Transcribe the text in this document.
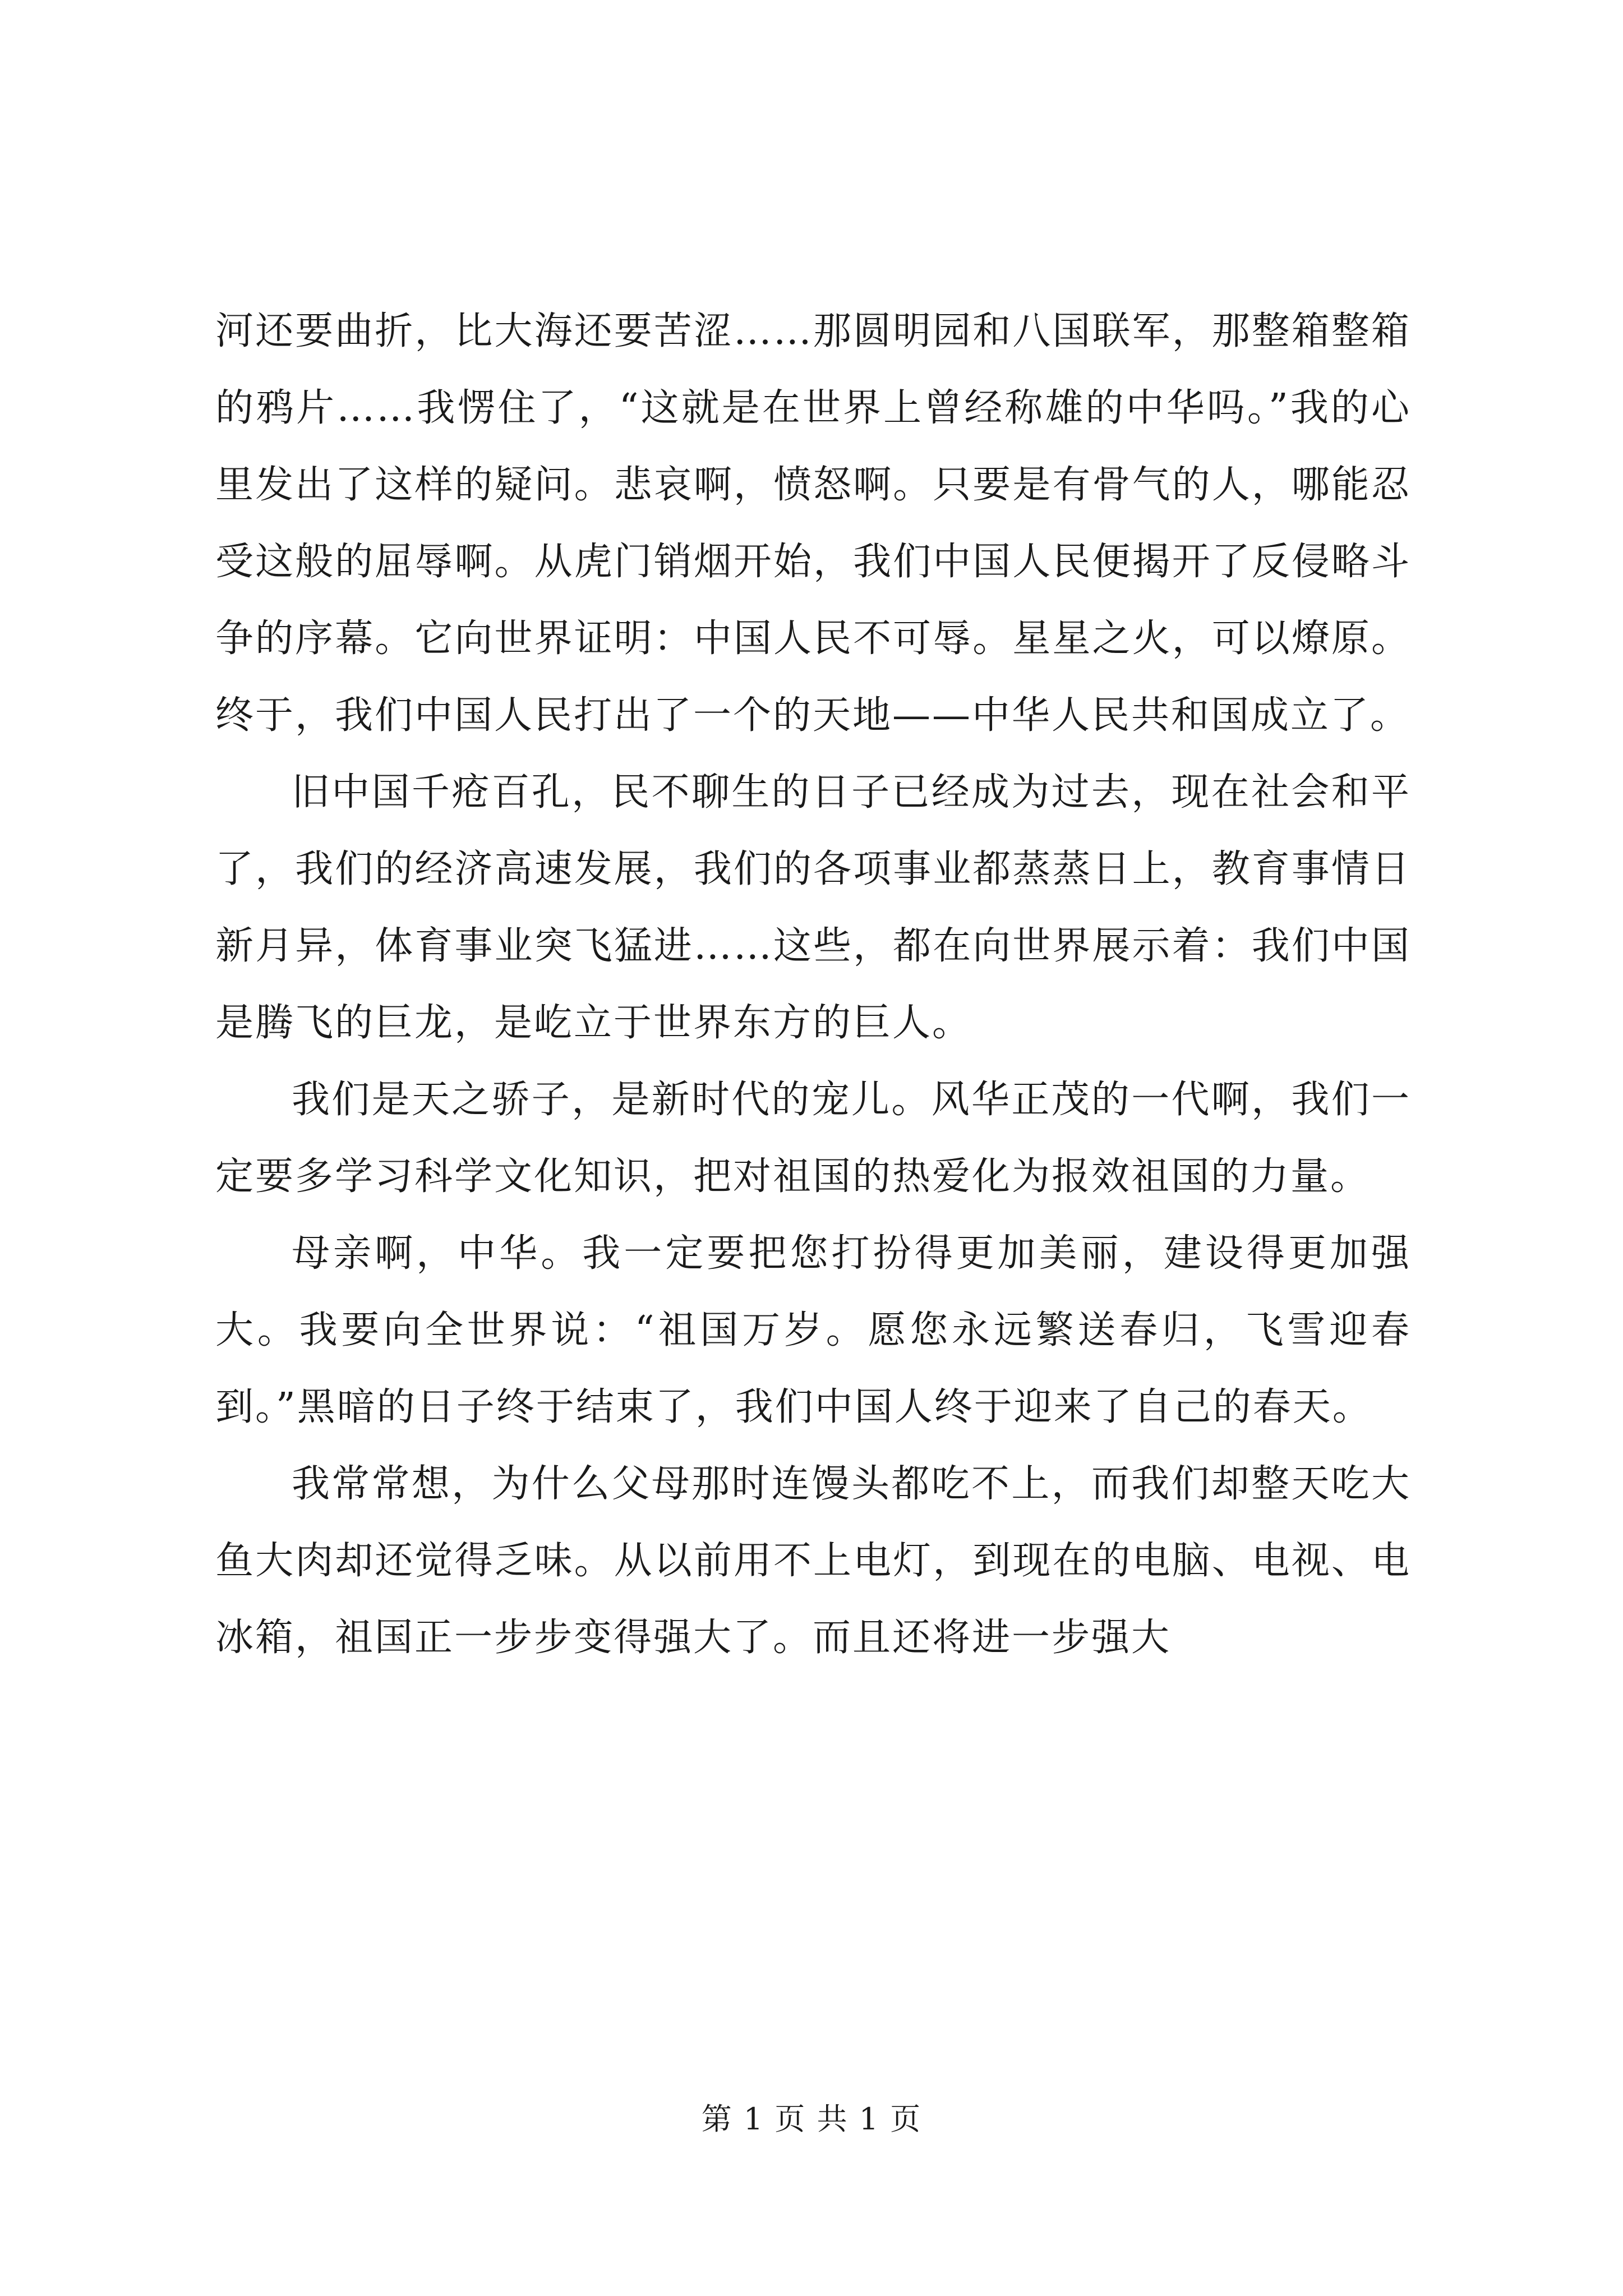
河还要曲折，比大海还要苦涩……那圆明园和八国联军，那整箱整箱的鸦片……我愣住了，“这就是在世界上曾经称雄的中华吗。”我的心里发出了这样的疑问。悲哀啊，愤怒啊。只要是有骨气的人，哪能忍受这般的屈辱啊。从虎门销烟开始，我们中国人民便揭开了反侵略斗争的序幕。它向世界证明：中国人民不可辱。星星之火，可以燎原。终于，我们中国人民打出了一个的天地——中华人民共和国成立了。

旧中国千疮百孔，民不聊生的日子已经成为过去，现在社会和平了，我们的经济高速发展，我们的各项事业都蒸蒸日上，教育事情日新月异，体育事业突飞猛进……这些，都在向世界展示着：我们中国是腾飞的巨龙，是屹立于世界东方的巨人。

我们是天之骄子，是新时代的宠儿。风华正茂的一代啊，我们一定要多学习科学文化知识，把对祖国的热爱化为报效祖国的力量。

母亲啊，中华。我一定要把您打扮得更加美丽，建设得更加强大。我要向全世界说：“祖国万岁。愿您永远繁送春归，飞雪迎春到。”黑暗的日子终于结束了，我们中国人终于迎来了自己的春天。

我常常想，为什么父母那时连馒头都吃不上，而我们却整天吃大鱼大肉却还觉得乏味。从以前用不上电灯，到现在的电脑、电视、电冰箱，祖国正一步步变得强大了。而且还将进一步强大

第 1 页 共 1 页
